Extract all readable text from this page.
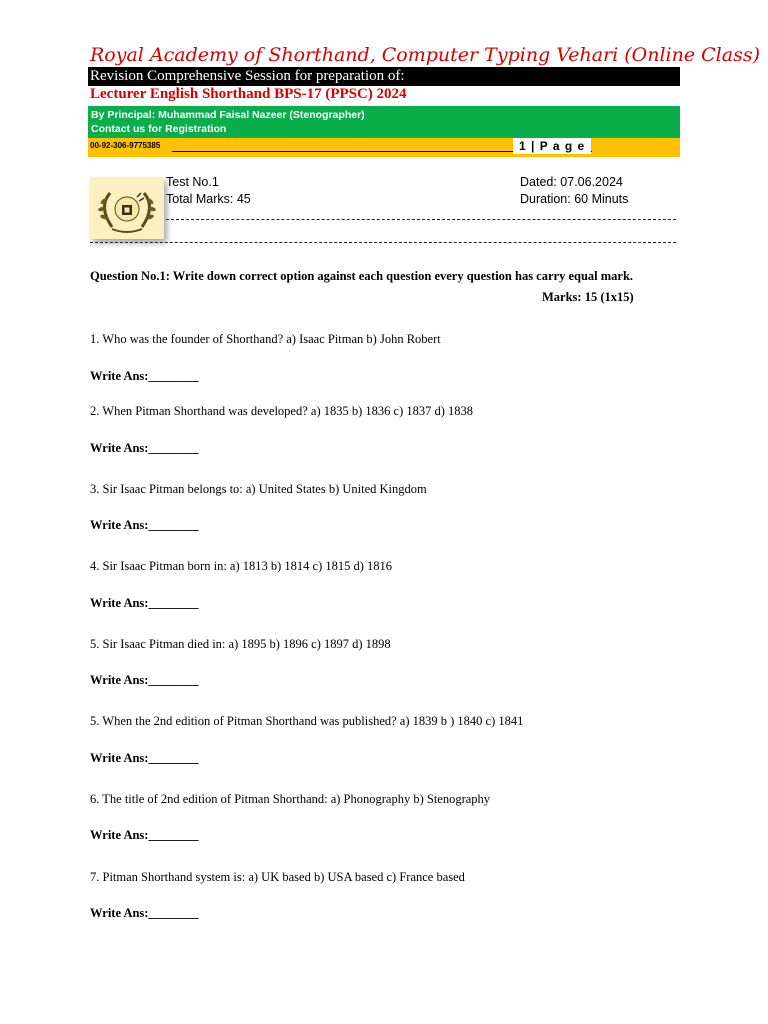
Royal Academy of Shorthand, Computer Typing Vehari (Online Class)
Revision Comprehensive Session for preparation of:
Lecturer English Shorthand BPS-17 (PPSC) 2024
By Principal: Muhammad Faisal Nazeer (Stenographer)
Contact us for Registration
00-92-306-9775385	1 | P a g e
Test No.1
Total Marks: 45
Dated: 07.06.2024
Duration: 60 Minuts
Question No.1: Write down correct option against each question every question has carry equal mark.
Marks: 15 (1x15)
1. Who was the founder of Shorthand? a) Isaac Pitman b) John Robert
Write Ans:________
2. When Pitman Shorthand was developed? a) 1835 b) 1836 c) 1837 d) 1838
Write Ans:________
3. Sir Isaac Pitman belongs to: a) United States b) United Kingdom
Write Ans:________
4. Sir Isaac Pitman born in: a) 1813 b) 1814 c) 1815 d) 1816
Write Ans:________
5. Sir Isaac Pitman died in: a) 1895 b) 1896 c) 1897 d) 1898
Write Ans:________
5. When the 2nd edition of Pitman Shorthand was published? a) 1839 b ) 1840 c) 1841
Write Ans:________
6. The title of 2nd edition of Pitman Shorthand: a) Phonography b) Stenography
Write Ans:________
7. Pitman Shorthand system is: a) UK based b) USA based c) France based
Write Ans:________
